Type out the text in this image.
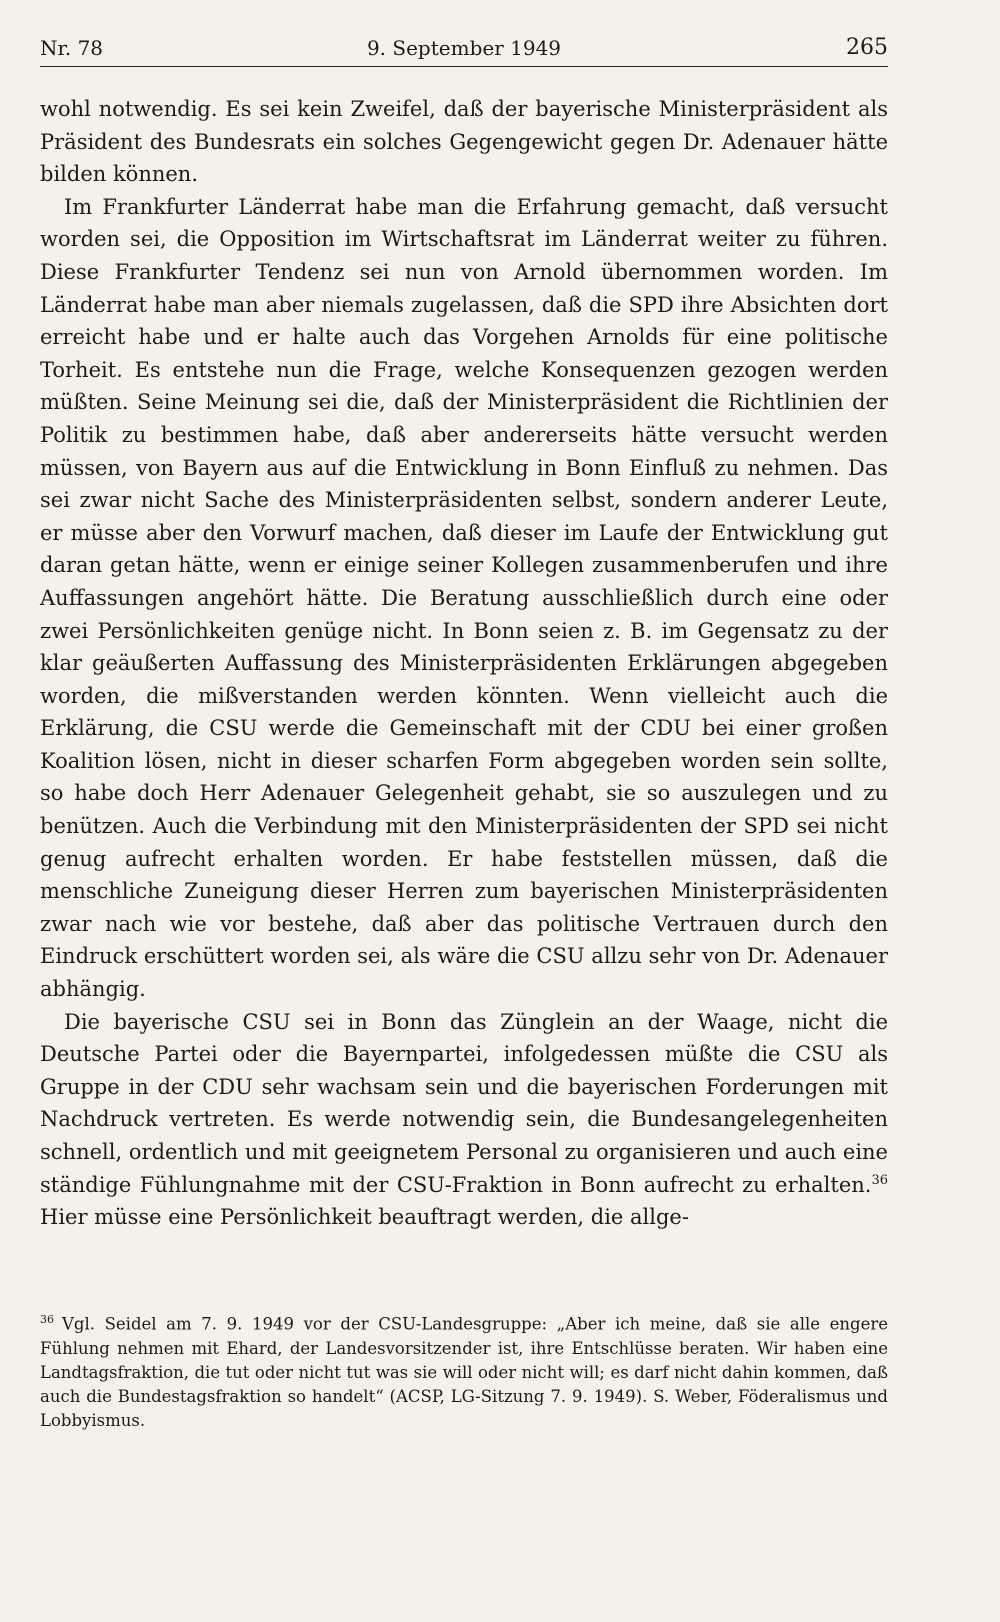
Nr. 78	9. September 1949	265

wohl notwendig. Es sei kein Zweifel, daß der bayerische Ministerpräsident als Präsident des Bundesrats ein solches Gegengewicht gegen Dr. Adenauer hätte bilden können.

Im Frankfurter Länderrat habe man die Erfahrung gemacht, daß versucht worden sei, die Opposition im Wirtschaftsrat im Länderrat weiter zu führen. Diese Frankfurter Tendenz sei nun von Arnold übernommen worden. Im Länderrat habe man aber niemals zugelassen, daß die SPD ihre Absichten dort erreicht habe und er halte auch das Vorgehen Arnolds für eine politische Torheit. Es entstehe nun die Frage, welche Konsequenzen gezogen werden müßten. Seine Meinung sei die, daß der Ministerpräsident die Richtlinien der Politik zu bestimmen habe, daß aber andererseits hätte versucht werden müssen, von Bayern aus auf die Entwicklung in Bonn Einfluß zu nehmen. Das sei zwar nicht Sache des Ministerpräsidenten selbst, sondern anderer Leute, er müsse aber den Vorwurf machen, daß dieser im Laufe der Entwicklung gut daran getan hätte, wenn er einige seiner Kollegen zusammenberufen und ihre Auffassungen angehört hätte. Die Beratung ausschließlich durch eine oder zwei Persönlichkeiten genüge nicht. In Bonn seien z. B. im Gegensatz zu der klar geäußerten Auffassung des Ministerpräsidenten Erklärungen abgegeben worden, die mißverstanden werden könnten. Wenn vielleicht auch die Erklärung, die CSU werde die Gemeinschaft mit der CDU bei einer großen Koalition lösen, nicht in dieser scharfen Form abgegeben worden sein sollte, so habe doch Herr Adenauer Gelegenheit gehabt, sie so auszulegen und zu benützen. Auch die Verbindung mit den Ministerpräsidenten der SPD sei nicht genug aufrecht erhalten worden. Er habe feststellen müssen, daß die menschliche Zuneigung dieser Herren zum bayerischen Ministerpräsidenten zwar nach wie vor bestehe, daß aber das politische Vertrauen durch den Eindruck erschüttert worden sei, als wäre die CSU allzu sehr von Dr. Adenauer abhängig.

Die bayerische CSU sei in Bonn das Zünglein an der Waage, nicht die Deutsche Partei oder die Bayernpartei, infolgedessen müßte die CSU als Gruppe in der CDU sehr wachsam sein und die bayerischen Forderungen mit Nachdruck vertreten. Es werde notwendig sein, die Bundesangelegenheiten schnell, ordentlich und mit geeignetem Personal zu organisieren und auch eine ständige Fühlungnahme mit der CSU-Fraktion in Bonn aufrecht zu erhalten.$^{36}$ Hier müsse eine Persönlichkeit beauftragt werden, die allge-

$^{36}$ Vgl. Seidel am 7. 9. 1949 vor der CSU-Landesgruppe: „Aber ich meine, daß sie alle engere Fühlung nehmen mit Ehard, der Landesvorsitzender ist, ihre Entschlüsse beraten. Wir haben eine Landtagsfraktion, die tut oder nicht tut was sie will oder nicht will; es darf nicht dahin kommen, daß auch die Bundestagsfraktion so handelt“ (ACSP, LG-Sitzung 7. 9. 1949). S. Weber, Föderalismus und Lobbyismus.
